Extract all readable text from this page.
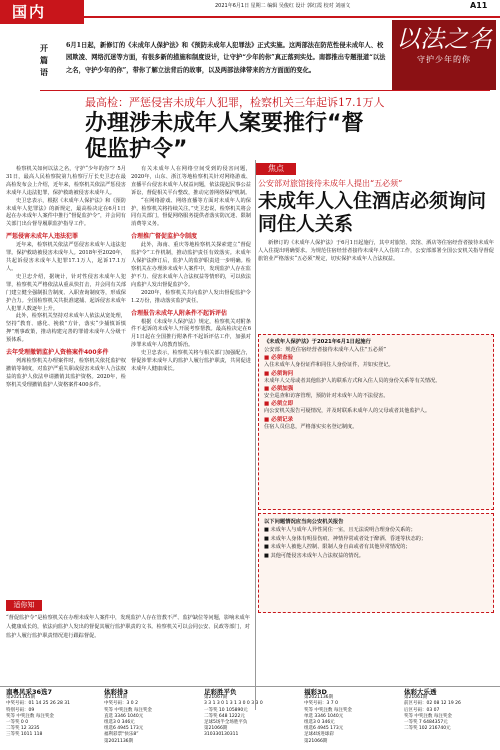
国内	2021年6月1日 星期二 编辑 吴俊红 设计 郭红霞 校对 刘丽文	A11
以法之名
守护少年的你
开篇语
6月1日起，新修订的《未成年人保护法》和《预防未成年人犯罪法》正式实施。这两部法在防范性侵未成年人、校园欺凌、网络沉迷等方面，有很多新的措施和制度设计，让守护“少年的你”真正落到实处。南都推出专题报道“以法之名，守护少年的你”，带你了解立法背后的故事，以及两部法律带来的方方面面的变化。
最高检：严惩侵害未成年人犯罪，检察机关三年起诉17.1万人
办理涉未成年人案要推行“督促监护令”

检察机关如何以法之名，守护“少年的你”？5月31日，最高人民检察院第九检察厅厅长史卫忠在最高检发布会上介绍，近年来，检察机关依法严惩侵害未成年人违法犯罪，保护救助被侵害未成年人。

史卫忠表示，根据《未成年人保护法》和《预防未成年人犯罪法》的新规定，最高检决定在6月1日起在办未成年人案件中推行“督促监护令”，并会同有关部门出台督导履职监护指导工作。

严惩侵害未成年人违法犯罪

近年来，检察机关依法严惩侵害未成年人违法犯罪。保护救助被侵害未成年人。2018年至2020年，共起诉侵害未成年人犯罪17.1万人，起诉17.1万人。

史卫忠介绍，据统计，针对性侵害未成年人犯罪，检察机关严格依法从重从快打击，并会同有关部门建立健全强制报告制度、入职查询制度等，形成保护合力。全国检察机关共批准逮捕、起诉侵害未成年人犯罪人数逐年上升。

此外，检察机关坚持对未成年人依法从宽处理，坚持“教育、感化、挽救”方针，落实“少捕慎诉慎押”刑事政策，推动构建完善的罪错未成年人分级干预体系。

去年受理撤销监护人资格案件400多件

列席检察机关办理案件时，检察机关依托监护权撤销等制度，对监护严重失职或侵害未成年人合法权益的监护人依法申请撤销其监护资格。2020年，检察机关受理撤销监护人资格案件400多件。

有关未成年人在网络空间受到的侵害问题，2020年，山东、浙江等地检察机关针对网络游戏、直播平台侵害未成年人权益问题，依法提起民事公益诉讼，督促相关平台整改，推动完善网络保护机制。

“在网络游戏、网络直播等方面对未成年人的保护，检察机关将持续关注。”史卫忠说，检察机关将会同有关部门，督促网络服务提供者落实防沉迷、限制消费等义务。

合理推广督促监护令制度

此外，海南、重庆等地检察机关探索建立“督促监护令”工作机制，推动监护责任有效落实。未成年人保护法修订后，监护人的监护职责进一步明确。检察机关在办理涉未成年人案件中，发现监护人存在监护不力、侵害未成年人合法权益等情形的，可以依法向监护人发出督促监护令。

2020年，检察机关共向监护人发出督促监护令1.2万份，推动落实监护责任。

合理报告未成年人附条件不起诉评估

根据《未成年人保护法》规定，检察机关对附条件不起诉的未成年人开展考察帮教。最高检决定在6月1日起在全国推行附条件不起诉评估工作，加强对涉罪未成年人的教育矫治。

史卫忠表示，检察机关将与相关部门加强配合，督促涉罪未成年人的监护人履行监护职责，共同促进未成年人健康成长。

适你知
“督促监护令”是检察机关在办理未成年人案件中，发现监护人存在管教不严、监护缺位等问题，影响未成年人健康成长的，依法向监护人发出的督促其履行监护职责的文书。检察机关可以会同公安、民政等部门，对监护人履行监护职责情况进行跟踪督促。
焦点
公安部对旅馆接待未成年人提出“五必须”
未成年人入住酒店必须询问同住人关系
新修订的《未成年人保护法》于6月1日起施行，其中对旅馆、宾馆、酒店等住宿经营者接待未成年人入住提出明确要求。为规范住宿经营者接待未成年人入住的工作，公安部部署全国公安机关指导督促旅馆业严格落实“五必须”规定，切实保护未成年人合法权益。
《未成年人保护法》于2021年6月1日起施行
公安部：规范住宿经营者接待未成年人入住“五必须”
■ 必须查验
入住未成年人身份证件和同住人身份证件，并如实登记。
■ 必须询问
未成年人父母或者其他监护人的联系方式和入住人员的身份关系等有关情况。
■ 必须加强
安全巡查和访客管理，预防针对未成年人的不法侵害。
■ 必须立即
向公安机关报告可疑情况，并及时联系未成年人的父母或者其他监护人。
■ 必须记录
住宿人员信息，严格落实实名登记制度。
以下问题情况应当向公安机关报告
■ 未成年人与成年人异性同住一室，且无法说明合理身份关系的；
■ 未成年人身体有明显伤痕、神情异常或者处于醉酒、昏迷等状态的；
■ 未成年人被他人控制、限制人身自由或者有其他异常情况的；
■ 其他可能侵害未成年人合法权益的情况。
南粤风采36选7
第2021145期
中奖号码：01 14 25 26 28 31
特别号码：09
奖等 中奖注数 每注奖金
一等奖 0 0
二等奖 12 3235
三等奖 1011 118
体彩排3
第21141期
中奖号码：3 0 2
奖等 中奖注数 每注奖金
直选 3346 1040元
组选3 0 346元
组选6 4945 173元
福利彩票“快乐8”
第2021136期
足彩胜平负
第21067期
3 3 1 3 0 1 3 1 3 0 0 3 3 0
一等奖 10 105890元
二等奖 648 1222元
足球5场半全场胜平负
第21066期
310330130311
福彩3D
第2021136期
中奖号码：3 7 0
奖等 中奖注数 每注奖金
单选 3346 1040元
组选3 0 346元
组选6 4945 173元
足球4场进球彩
第21066期
体彩大乐透
第21061期
前区号码：02 08 12 19 26
后区号码：03 07
奖等 中奖注数 每注奖金
一等奖 7 6484357元
二等奖 102 216740元
